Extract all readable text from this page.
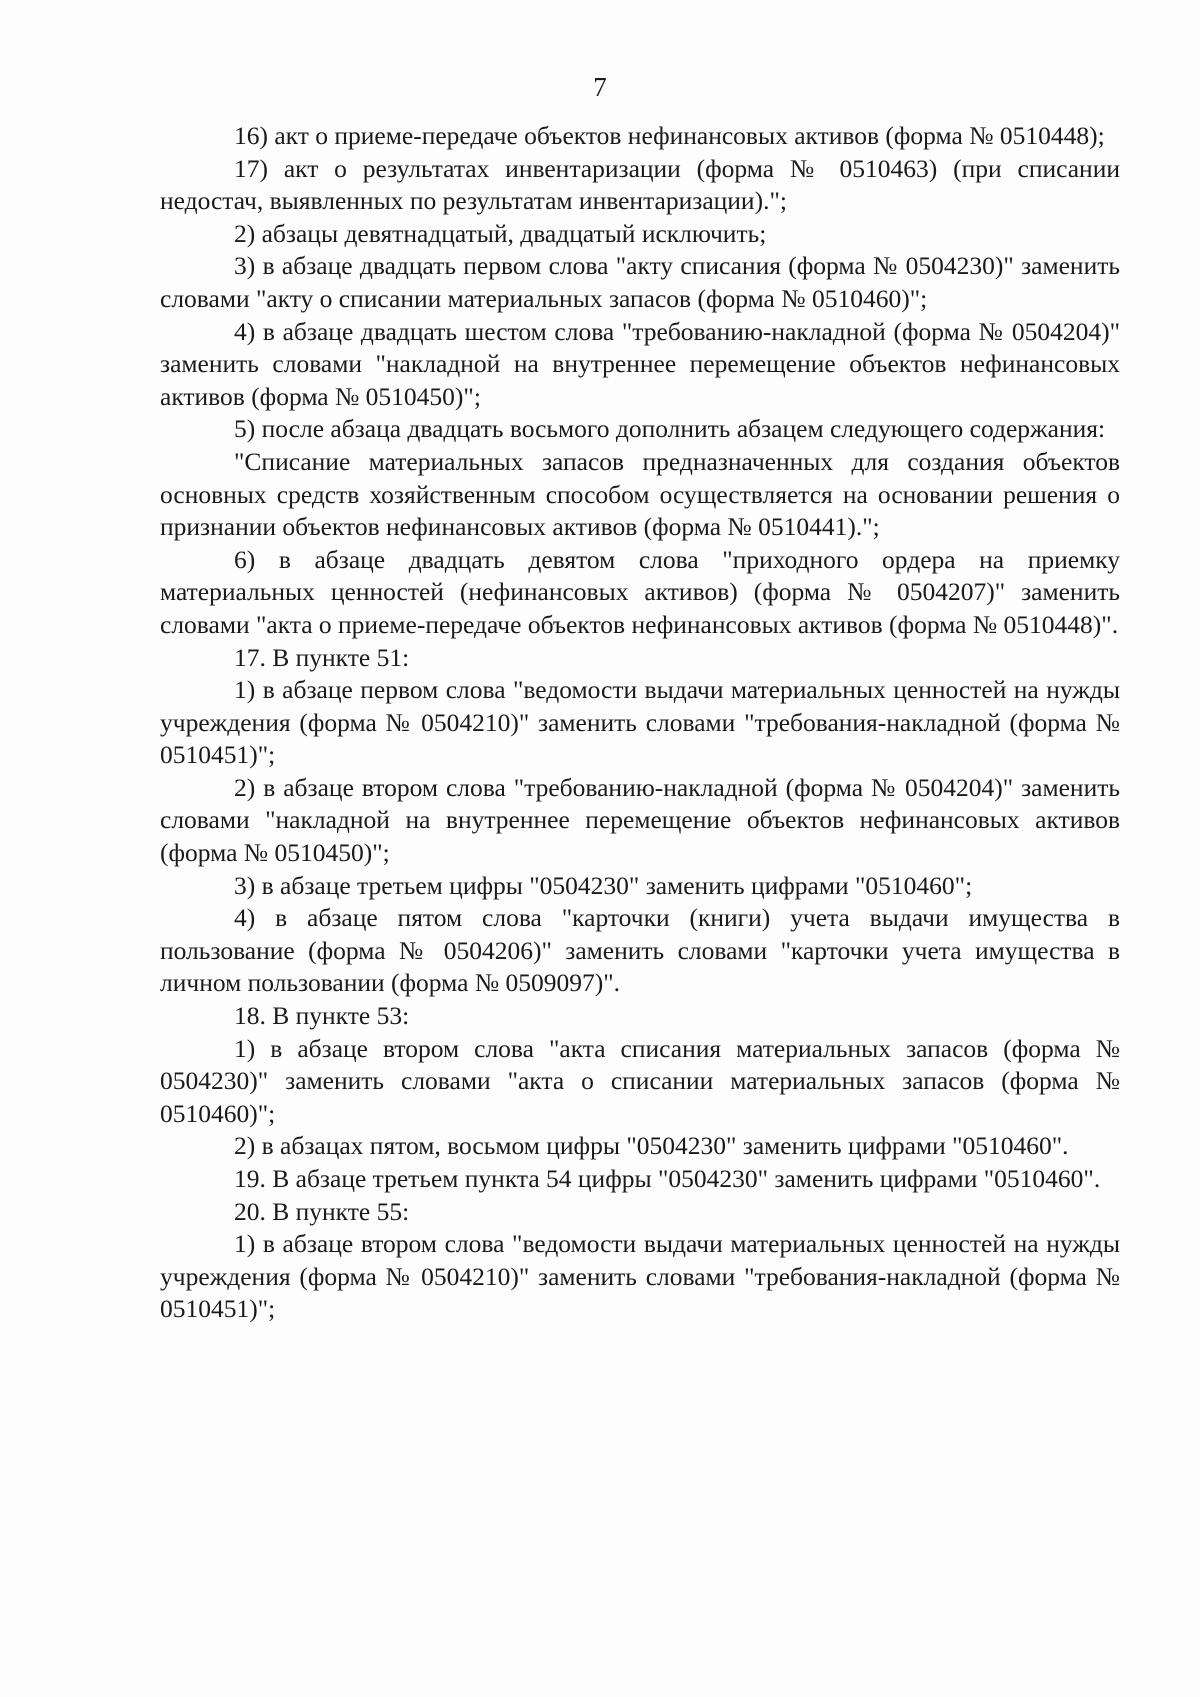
7

16) акт о приеме-передаче объектов нефинансовых активов (форма № 0510448);

17) акт о результатах инвентаризации (форма № 0510463) (при списании недостач, выявленных по результатам инвентаризации).";

2) абзацы девятнадцатый, двадцатый исключить;

3) в абзаце двадцать первом слова "акту списания (форма № 0504230)" заменить словами "акту о списании материальных запасов (форма № 0510460)";

4) в абзаце двадцать шестом слова "требованию-накладной (форма № 0504204)" заменить словами "накладной на внутреннее перемещение объектов нефинансовых активов (форма № 0510450)";

5) после абзаца двадцать восьмого дополнить абзацем следующего содержания:

"Списание материальных запасов предназначенных для создания объектов основных средств хозяйственным способом осуществляется на основании решения о признании объектов нефинансовых активов (форма № 0510441).";

6) в абзаце двадцать девятом слова "приходного ордера на приемку материальных ценностей (нефинансовых активов) (форма № 0504207)" заменить словами "акта о приеме-передаче объектов нефинансовых активов (форма № 0510448)".

17. В пункте 51:

1) в абзаце первом слова "ведомости выдачи материальных ценностей на нужды учреждения (форма № 0504210)" заменить словами "требования-накладной (форма № 0510451)";

2) в абзаце втором слова "требованию-накладной (форма № 0504204)" заменить словами "накладной на внутреннее перемещение объектов нефинансовых активов (форма № 0510450)";

3) в абзаце третьем цифры "0504230" заменить цифрами "0510460";

4) в абзаце пятом слова "карточки (книги) учета выдачи имущества в пользование (форма № 0504206)" заменить словами "карточки учета имущества в личном пользовании (форма № 0509097)".

18. В пункте 53:

1) в абзаце втором слова "акта списания материальных запасов (форма № 0504230)" заменить словами "акта о списании материальных запасов (форма № 0510460)";

2) в абзацах пятом, восьмом цифры "0504230" заменить цифрами "0510460".

19. В абзаце третьем пункта 54 цифры "0504230" заменить цифрами "0510460".

20. В пункте 55:

1) в абзаце втором слова "ведомости выдачи материальных ценностей на нужды учреждения (форма № 0504210)" заменить словами "требования-накладной (форма № 0510451)";
